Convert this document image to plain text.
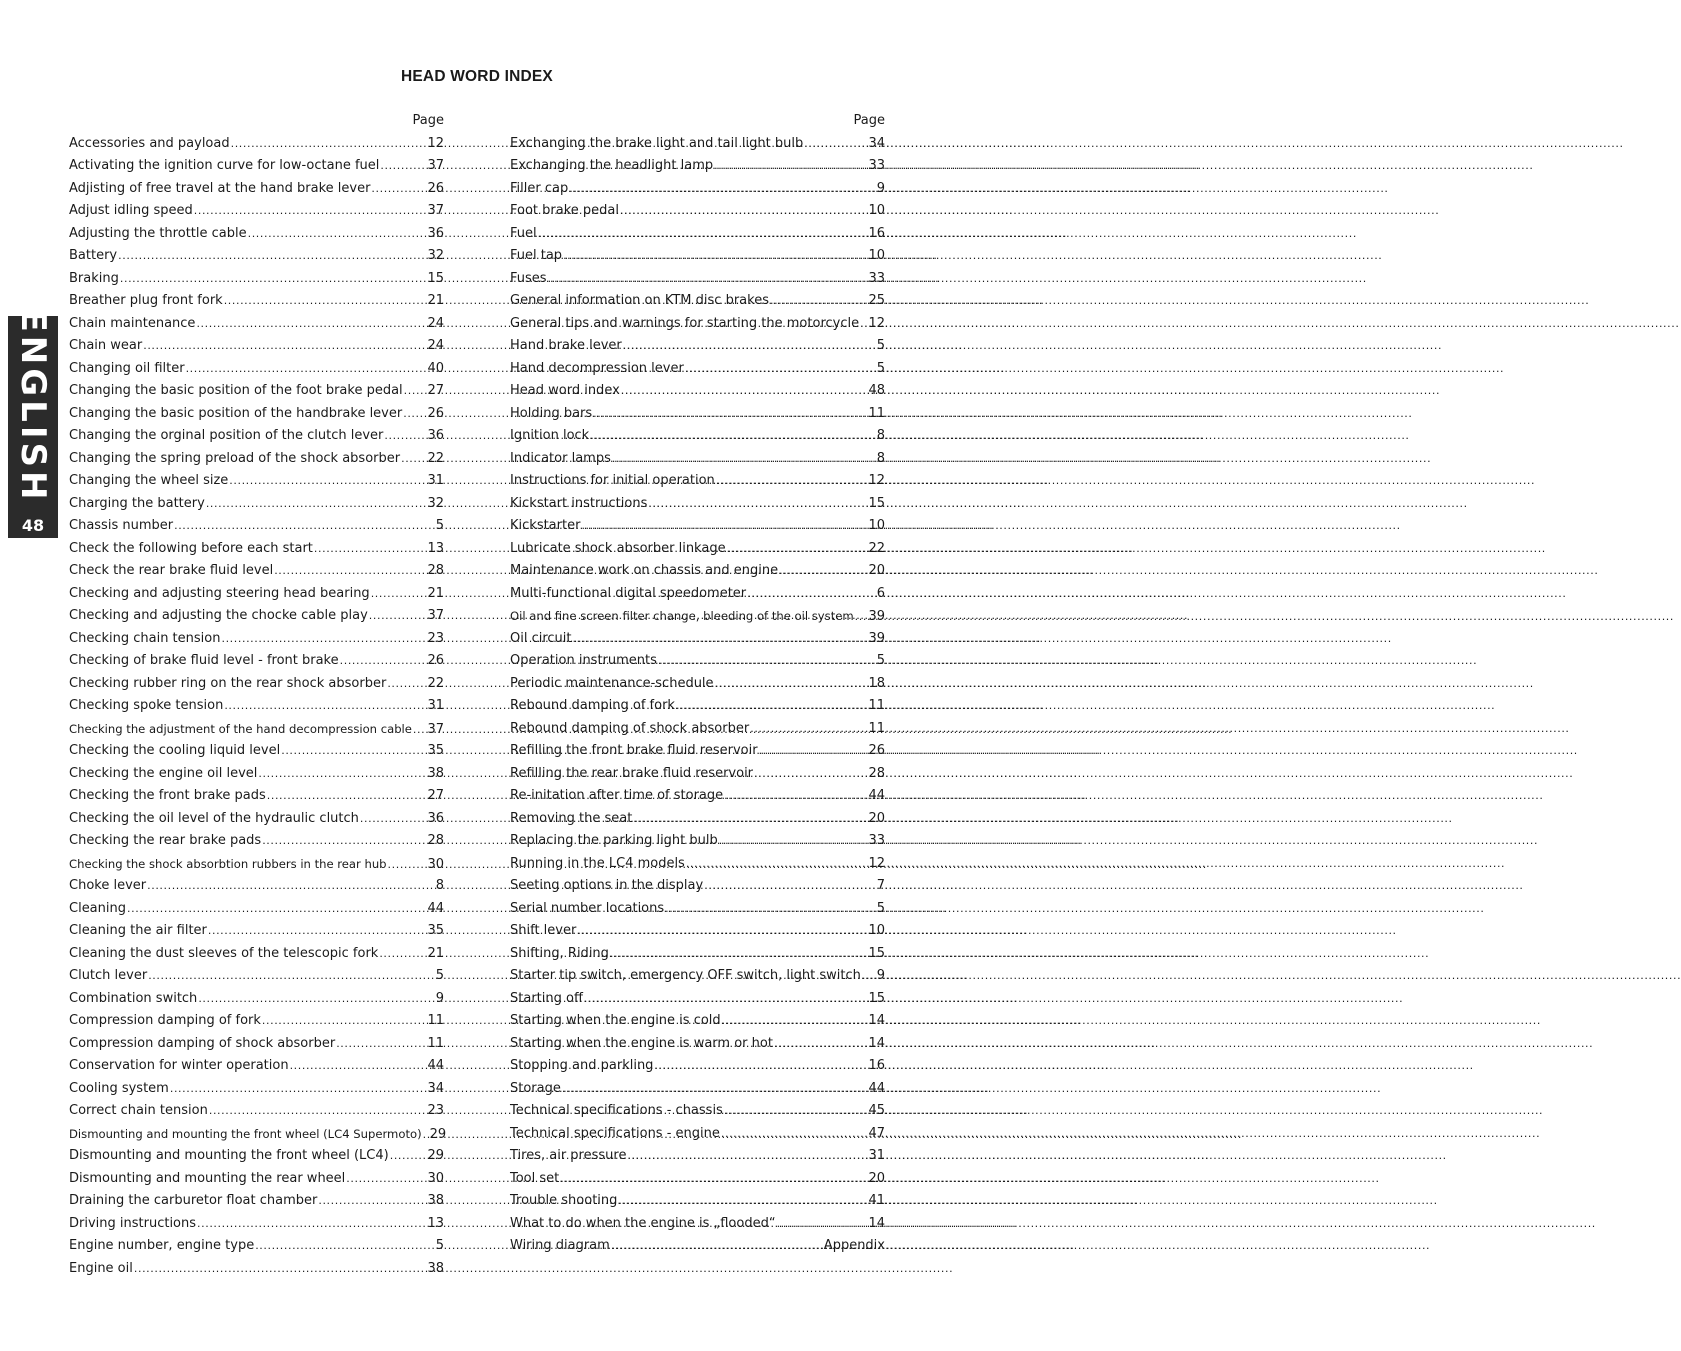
HEAD WORD INDEX
ENGLISH
48
Page
Accessories and payload .....	12
Activating the ignition curve for low-octane fuel .....	37
Adjisting of free travel at the hand brake lever .....	26
Adjust idling speed .....	37
Adjusting the throttle cable .....	36
Battery .....	32
Braking .....	15
Breather plug front fork .....	21
Chain maintenance .....	24
Chain wear .....	24
Changing oil filter .....	40
Changing the basic position of the foot brake pedal ..... 27
Changing the basic position of the handbrake lever ..... 26
Changing the orginal position of the clutch lever .....	36
Changing the spring preload of the shock absorber ..... 22
Changing the wheel size .....	31
Charging the battery .....	32
Chassis number .....	5
Check the following before each start .....	13
Check the rear brake fluid level .....	28
Checking and adjusting steering head bearing .....	21
Checking and adjusting the chocke cable play .....	37
Checking chain tension .....	23
Checking of brake fluid level - front brake .....	26
Checking rubber ring on the rear shock absorber .....	22
Checking spoke tension .....	31
Checking the adjustment of the hand decompression cable ..... 37
Checking the cooling liquid level .....	35
Checking the engine oil level .....	38
Checking the front brake pads .....	27
Checking the oil level of the hydraulic clutch .....	36
Checking the rear brake pads .....	28
Checking the shock absorbtion rubbers in the rear hub .....	30
Choke lever .....	8
Cleaning .....	44
Cleaning the air filter .....	35
Cleaning the dust sleeves of the telescopic fork .....	21
Clutch lever .....	5
Combination switch .....	9
Compression damping of fork .....	11
Compression damping of shock absorber .....	11
Conservation for winter operation .....	44
Cooling system .....	34
Correct chain tension .....	23
Dismounting and mounting the front wheel (LC4 Supermoto) ..... 29
Dismounting and mounting the front wheel (LC4) .....	29
Dismounting and mounting the rear wheel .....	30
Draining the carburetor float chamber .....	38
Driving instructions .....	13
Engine number, engine type .....	5
Engine oil .....	38
Page
Exchanging the brake light and tail light bulb .....	34
Exchanging the headlight lamp .....	33
Filler cap .....	9
Foot brake pedal .....	10
Fuel .....	16
Fuel tap .....	10
Fuses .....	33
General information on KTM disc brakes .....	25
General tips and warnings for starting the motorcycle ..... 12
Hand brake lever .....	5
Hand decompression lever .....	5
Head word index .....	48
Holding bars .....	11
Ignition lock .....	8
Indicator lamps .....	8
Instructions for initial operation .....	12
Kickstart instructions .....	15
Kickstarter .....	10
Lubricate shock absorber linkage .....	22
Maintenance work on chassis and engine .....	20
Multi-functional digital speedometer .....	6
Oil and fine screen filter change, bleeding of the oil system ..... 39
Oil circuit .....	39
Operation instruments .....	5
Periodic maintenance-schedule .....	18
Rebound damping of fork .....	11
Rebound damping of shock absorber .....	11
Refilling the front brake fluid reservoir .....	26
Refilling the rear brake fluid reservoir .....	28
Re-initation after time of storage .....	44
Removing the seat .....	20
Replacing the parking light bulb .....	33
Running in the LC4 models .....	12
Seeting options in the display .....	7
Serial number locations .....	5
Shift lever .....	10
Shifting, Riding .....	15
Starter tip switch, emergency OFF switch, light switch ..... 9
Starting off .....	15
Starting when the engine is cold .....	14
Starting when the engine is warm or hot .....	14
Stopping and parkling .....	16
Storage .....	44
Technical specifications - chassis .....	45
Technical specifications - engine .....	47
Tires, air pressure .....	31
Tool set .....	20
Trouble shooting .....	41
What to do when the engine is „flooded“ .....	14
Wiring diagram .....	Appendix
